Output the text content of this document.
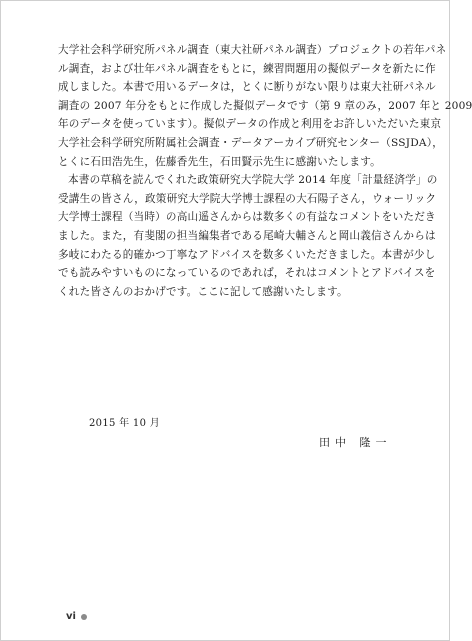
大学社会科学研究所パネル調査（東大社研パネル調査）プロジェクトの若年パネ
ル調査，および壮年パネル調査をもとに，練習問題用の擬似データを新たに作
成しました。本書で用いるデータは，とくに断りがない限りは東大社研パネル
調査の 2007 年分をもとに作成した擬似データです（第 9 章のみ，2007 年と 2009
年のデータを使っています）。擬似データの作成と利用をお許しいただいた東京
大学社会科学研究所附属社会調査・データアーカイブ研究センター（SSJDA），
とくに石田浩先生，佐藤香先生，石田賢示先生に感謝いたします。

本書の草稿を読んでくれた政策研究大学院大学 2014 年度「計量経済学」の
受講生の皆さん，政策研究大学院大学博士課程の大石陽子さん，ウォーリック
大学博士課程（当時）の高山遥さんからは数多くの有益なコメントをいただき
ました。また，有斐閣の担当編集者である尾崎大輔さんと岡山義信さんからは
多岐にわたる的確かつ丁寧なアドバイスを数多くいただきました。本書が少し
でも読みやすいものになっているのであれば，それはコメントとアドバイスを
くれた皆さんのおかげです。ここに記して感謝いたします。

2015 年 10 月
田中 隆一
vi
